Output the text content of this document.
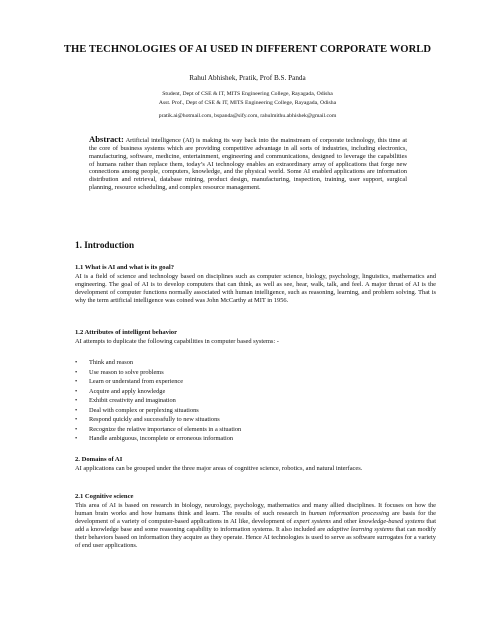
THE TECHNOLOGIES OF AI USED IN DIFFERENT CORPORATE WORLD
Rahul Abhishek, Pratik, Prof B.S. Panda
Student, Dept of CSE & IT, MITS Engineering College, Rayagada, Odisha
Asst. Prof., Dept of CSE & IT, MITS Engineering College, Rayagada, Odisha
pratik.ai@hotmail.com, bspanda@sify.com, rahulmithu.abhishek@gmail.com

Abstract: Artificial intelligence (AI) is making its way back into the mainstream of corporate technology, this time at the core of business systems which are providing competitive advantage in all sorts of industries, including electronics, manufacturing, software, medicine, entertainment, engineering and communications, designed to leverage the capabilities of humans rather than replace them, today’s AI technology enables an extraordinary array of applications that forge new connections among people, computers, knowledge, and the physical world. Some AI enabled applications are information distribution and retrieval, database mining, product design, manufacturing, inspection, training, user support, surgical planning, resource scheduling, and complex resource management.

1. Introduction
1.1 What is AI and what is its goal?

AI is a field of science and technology based on disciplines such as computer science, biology, psychology, linguistics, mathematics and engineering. The goal of AI is to develop computers that can think, as well as see, hear, walk, talk, and feel. A major thrust of AI is the development of computer functions normally associated with human intelligence, such as reasoning, learning, and problem solving. That is why the term artificial intelligence was coined was John McCarthy at MIT in 1956.

1.2 Attributes of intelligent behavior

AI attempts to duplicate the following capabilities in computer based systems: -

• Think and reason
• Use reason to solve problems
• Learn or understand from experience
• Acquire and apply knowledge
• Exhibit creativity and imagination
• Deal with complex or perplexing situations
• Respond quickly and successfully to new situations
• Recognize the relative importance of elements in a situation
• Handle ambiguous, incomplete or erroneous information
2. Domains of AI

AI applications can be grouped under the three major areas of cognitive science, robotics, and natural interfaces.

2.1 Cognitive science

This area of AI is based on research in biology, neurology, psychology, mathematics and many allied disciplines. It focuses on how the human brain works and how humans think and learn. The results of such research in human information processing are basis for the development of a variety of computer-based applications in AI like, development of expert systems and other knowledge-based systems that add a knowledge base and some reasoning capability to information systems. It also included are adaptive learning systems that can modify their behaviors based on information they acquire as they operate. Hence AI technologies is used to serve as software surrogates for a variety of end user applications.
